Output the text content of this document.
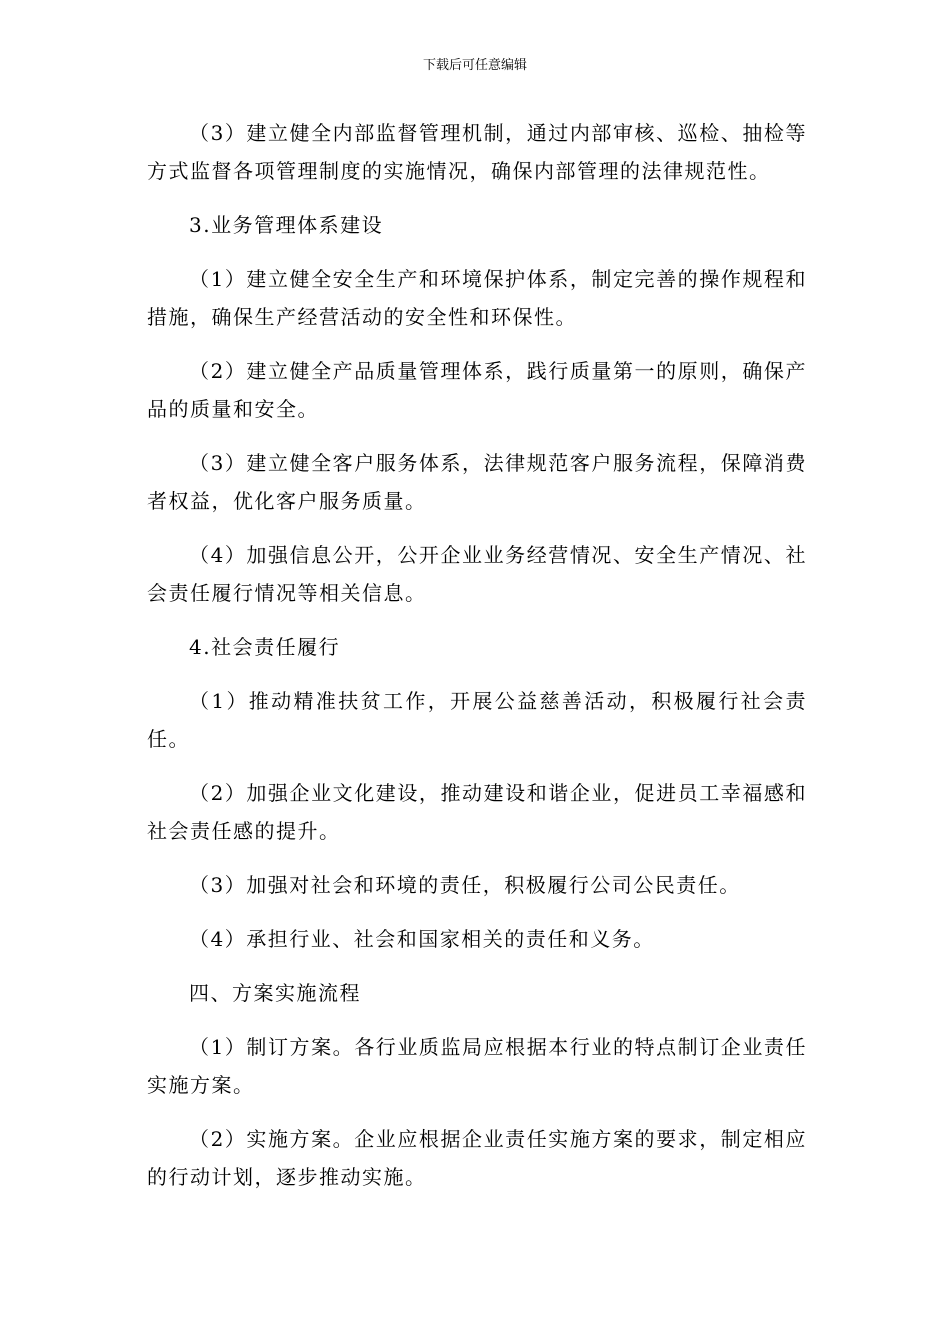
下载后可任意编辑

（3）建立健全内部监督管理机制，通过内部审核、巡检、抽检等方式监督各项管理制度的实施情况，确保内部管理的法律规范性。

3.业务管理体系建设

（1）建立健全安全生产和环境保护体系，制定完善的操作规程和措施，确保生产经营活动的安全性和环保性。

（2）建立健全产品质量管理体系，践行质量第一的原则，确保产品的质量和安全。

（3）建立健全客户服务体系，法律规范客户服务流程，保障消费者权益，优化客户服务质量。

（4）加强信息公开，公开企业业务经营情况、安全生产情况、社会责任履行情况等相关信息。

4.社会责任履行

（1）推动精准扶贫工作，开展公益慈善活动，积极履行社会责任。

（2）加强企业文化建设，推动建设和谐企业，促进员工幸福感和社会责任感的提升。

（3）加强对社会和环境的责任，积极履行公司公民责任。

（4）承担行业、社会和国家相关的责任和义务。

四、方案实施流程

（1）制订方案。各行业质监局应根据本行业的特点制订企业责任实施方案。

（2）实施方案。企业应根据企业责任实施方案的要求，制定相应的行动计划，逐步推动实施。
